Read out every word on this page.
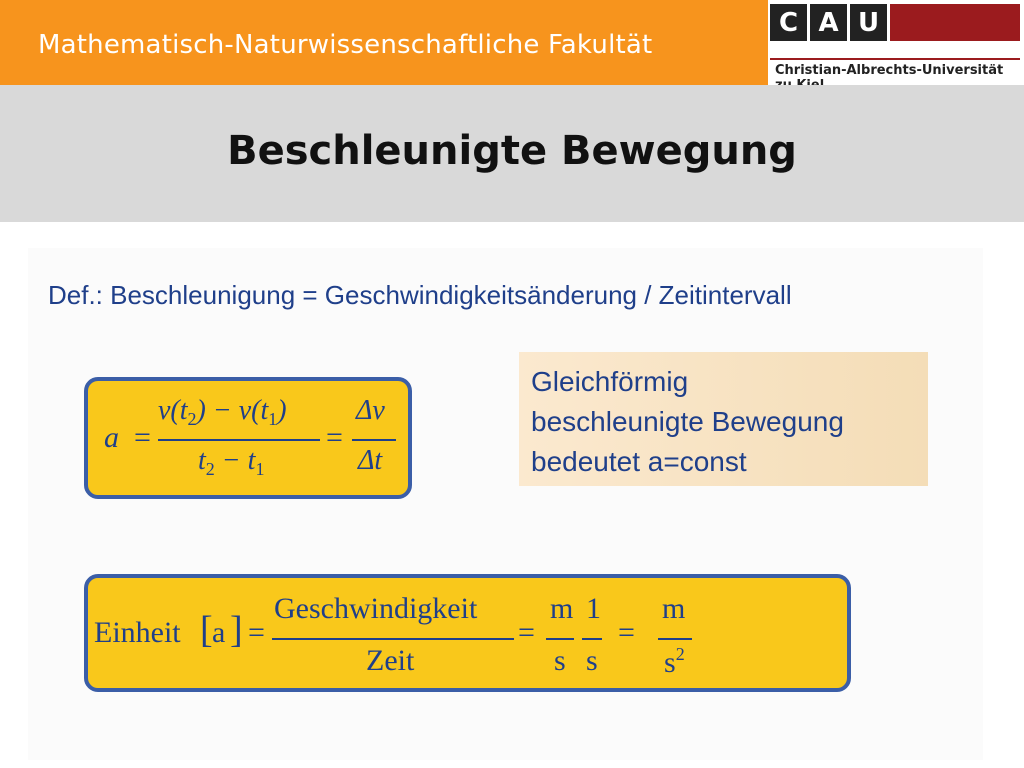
Mathematisch-Naturwissenschaftliche Fakultät
C A U
Christian-Albrechts-Universität
Beschleunigte Bewegung
Def.: Beschleunigung = Geschwindigkeitsänderung / Zeitintervall
Gleichförmig
beschleunigte Bewegung
bedeutet a=const
a =
$v(t_2) - v(t_1)$
$t_2 - t_1$
=
Δv
Δt
Einheit [ a ] =
Geschwindigkeit
Zeit
=
m
s
1
s
=
m
$s^2$
